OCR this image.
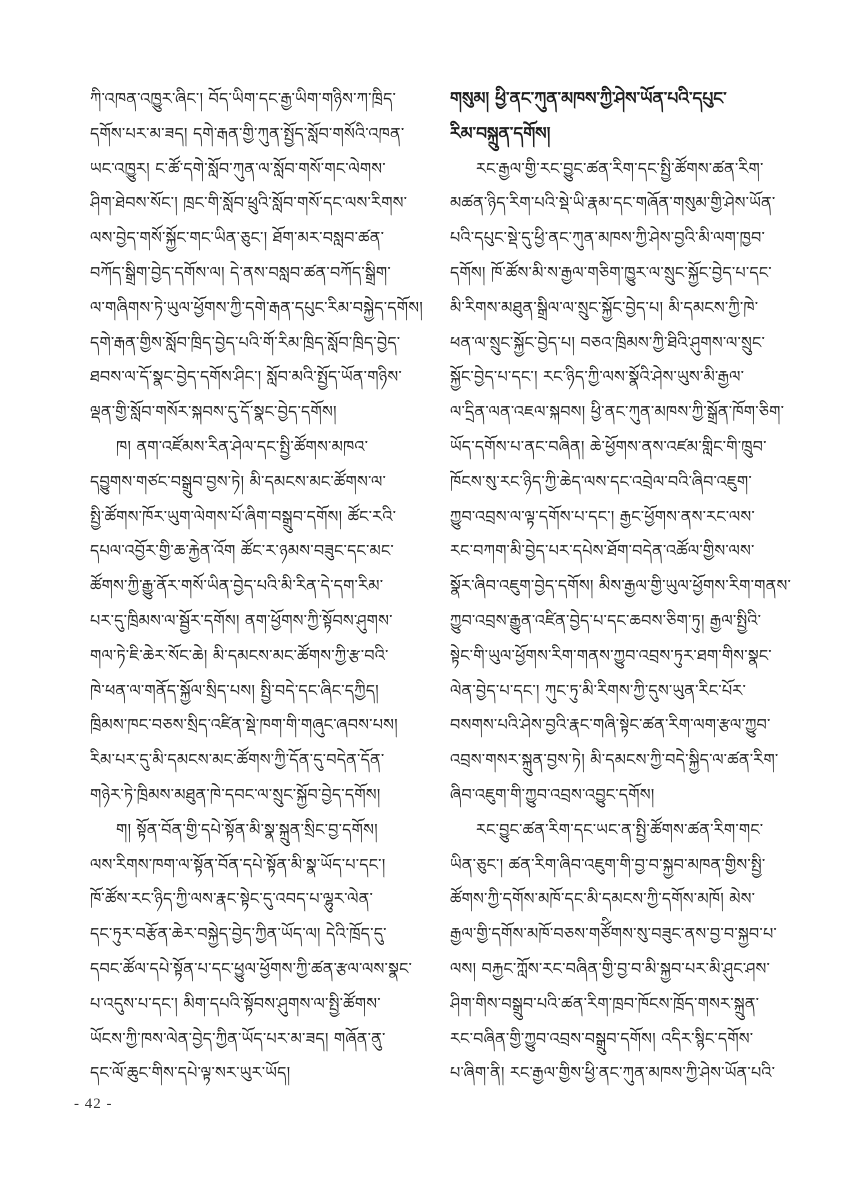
ཀི་འཁན་འཁྱུར་ཞིང་། བོད་ཡིག་དང་རྒྱ་ཡིག་གཉིས་ཀ་ཁྲིད་
དགོས་པར་མ་ཟད། དགེ་རྒན་གྱི་ཀུན་སྤྱོད་སློབ་གསོའི་འཁན་
ཡང་འཁྱུར། ང་ཚོ་དགེ་སློབ་ཀུན་ལ་སློབ་གསོ་གང་ལེགས་
ཤིག་ཐེབས་སོང་། ཁྲང་གི་སློབ་ཕྲུའི་སློབ་གསོ་དང་ལས་རིགས་
ལས་བྱེད་གསོ་སྐྱོང་གང་ཡིན་ཅུང་། ཐོག་མར་བསླབ་ཚན་
བཀོད་སྒྲིག་བྱེད་དགོས་ལ། དེ་ནས་བསླབ་ཚན་བཀོད་སྒྲིག་
ལ་གཞིགས་ཏེ་ཡུལ་ཕྱོགས་ཀྱི་དགེ་རྒན་དཔུང་རིམ་བསྐྱེད་དགོས།
དགེ་རྒན་གྱིས་སློབ་ཁྲིད་བྱེད་པའི་གོ་རིམ་ཁྲིད་སློབ་ཁྲིད་བྱེད་
ཐབས་ལ་དོ་སྣང་བྱེད་དགོས་ཤིང་། སློབ་མའི་སྤྱོད་ཡོན་གཉིས་
ལྡན་གྱི་སློབ་གསོར་སྐབས་དུ་དོ་སྣང་བྱེད་དགོས།
ཁ། ནག་འཛོམས་རིན་ཤེལ་དང་སྤྱི་ཚོགས་མཁའ་
དབྱུགས་གཙང་བསྒྲུབ་བྱས་ཏེ། མི་དམངས་མང་ཚོགས་ལ་
སྤྱི་ཚོགས་ཁོར་ཡུག་ལེགས་པོ་ཞིག་བསྒྲུབ་དགོས། ཚོང་རའི་
དཔལ་འབྱོར་གྱི་ཆ་རྐྱེན་འོག ཚོང་ར་ཉམས་བཟུང་དང་མང་
ཚོགས་ཀྱི་རྒྱུ་ནོར་གསོ་ཡིན་བྱེད་པའི་མི་རིན་དེ་དག་རིམ་
པར་དུ་ཁྲིམས་ལ་སྦྱོར་དགོས། ནག་ཕྱོགས་ཀྱི་སྟོབས་ཤུགས་
གལ་ཏེ་ཇི་ཆེར་སོང་ཆེ། མི་དམངས་མང་ཚོགས་ཀྱི་རྩ་བའི་
ཁེ་ཕན་ལ་གནོད་སྐྱོལ་སྲིད་པས། སྤྱི་བདེ་དང་ཞིང་དཀྱིད།
ཁྲིམས་ཁང་བཅས་སྲིད་འཛིན་སྡེ་ཁག་གི་གཞུང་ཞབས་པས།
རིམ་པར་དུ་མི་དམངས་མང་ཚོགས་ཀྱི་དོན་དུ་བདེན་དོན་
གཉེར་ཏེ་ཁྲིམས་མཐུན་ཁེ་དབང་ལ་སྲུང་སྐྱོབ་བྱེད་དགོས།
ག། སྟོན་བོན་གྱི་དཔེ་སྟོན་མི་སྣ་སྐྲུན་སྲིང་བྱ་དགོས།
ལས་རིགས་ཁག་ལ་སྟོན་བོན་དཔེ་སྟོན་མི་སྣ་ཡོད་པ་དང་།
ཁོ་ཚོས་རང་ཉིད་ཀྱི་ལས་རྣང་སྟེང་དུ་འབད་པ་ལྷུར་ལེན་
དང་ཏུར་བརྩོན་ཆེར་བསྐྱེད་བྱེད་ཀྱིན་ཡོད་ལ། དེའི་ཁྲོད་དུ་
དབང་ཚོལ་དཔེ་སྟོན་པ་དང་ཕྱུལ་ཕྱོགས་ཀྱི་ཚན་རྩལ་ལས་སྣང་
པ་འདུས་པ་དང་། མིག་དཔའི་སྟོབས་ཤུགས་ལ་སྤྱི་ཚོགས་
ཡོངས་ཀྱི་ཁས་ལེན་བྱེད་ཀྱིན་ཡོད་པར་མ་ཟད། གཞོན་ནུ་
དང་ལོ་ཆུང་གིས་དཔེ་ལྟ་སར་ཡུར་ཡོད།
གསུམ། ཕྱི་ནང་ཀུན་མཁས་ཀྱི་ཤེས་ཡོན་པའི་དཔུང་
རིམ་བསྐྲུན་དགོས།
རང་རྒྱལ་གྱི་རང་བྱུང་ཚན་རིག་དང་སྤྱི་ཚོགས་ཚན་རིག་
མཚན་ཉིད་རིག་པའི་སྡེ་ཡི་རྣམ་དང་གཞོན་གསུམ་གྱི་ཤེས་ཡོན་
པའི་དཔུང་སྡེ་དུ་ཕྱི་ནང་ཀུན་མཁས་ཀྱི་ཤེས་བྱའི་མི་ལག་ཁྱབ་
དགོས། ཁོ་ཚོས་མི་ས་རྒྱལ་གཅིག་ཁྱུར་ལ་སྲུང་སྐྱོང་བྱེད་པ་དང་
མི་རིགས་མཐུན་སྒྲིལ་ལ་སྲུང་སྐྱོང་བྱེད་པ། མི་དམངས་ཀྱི་ཁེ་
ཕན་ལ་སྲུང་སྐྱོང་བྱེད་པ། བཅའ་ཁྲིམས་ཀྱི་ཐིའི་ཤུགས་ལ་སྲུང་
སྐྱོང་བྱེད་པ་དང་། རང་ཉིད་ཀྱི་ལས་སྣོའི་ཤེས་ཡུས་མི་རྒྱལ་
ལ་དྲིན་ལན་འཇལ་སྐབས། ཕྱི་ནང་ཀུན་མཁས་ཀྱི་སྒྲོན་ཁོག་ཅིག་
ཡོད་དགོས་པ་ནང་བཞིན། ཆེ་ཕྱོགས་ནས་འཛམ་གླིང་གི་ཁྲུབ་
ཁོངས་སུ་རང་ཉིད་ཀྱི་ཆེད་ལས་དང་འབྲེལ་བའི་ཞིབ་འཇུག་
ཀྱུབ་འབྲས་ལ་ལྟ་དགོས་པ་དང་། རྒྱང་ཕྱོགས་ནས་རང་ལས་
རང་བཀག་མི་བྱེད་པར་དཔེས་ཐོག་བདེན་འཚོལ་གྱིས་ལས་
སྣོར་ཞིབ་འཇུག་བྱེད་དགོས། མིས་རྒྱལ་གྱི་ཡུལ་ཕྱོགས་རིག་གནས་
ཀྱུབ་འབྲས་རྒྱུན་འཛིན་བྱེད་པ་དང་ཆབས་ཅིག་ཏུ། རྒྱལ་སྤྱིའི་
སྟེང་གི་ཡུལ་ཕྱོགས་རིག་གནས་ཀྱུབ་འབྲས་ཏུར་ཐག་གིས་སྣང་
ལེན་བྱེད་པ་དང་། ཀུང་ཏུ་མི་རིགས་ཀྱི་དུས་ཡུན་རིང་པོར་
བསགས་པའི་ཤེས་བྱའི་རྣང་གཞི་སྟེང་ཚན་རིག་ལག་རྩལ་ཀྱུབ་
འབྲས་གསར་སྐྲུན་བྱས་ཏེ། མི་དམངས་ཀྱི་བདེ་སྐྱིད་ལ་ཚན་རིག་
ཞིབ་འཇུག་གི་ཀྱུབ་འབྲས་འབྱུང་དགོས།
རང་བྱུང་ཚན་རིག་དང་ཡང་ན་སྤྱི་ཚོགས་ཚན་རིག་གང་
ཡིན་ཅུང་། ཚན་རིག་ཞིབ་འཇུག་གི་བྱ་བ་སྐྱབ་མཁན་གྱིས་སྤྱི་
ཚོགས་ཀྱི་དགོས་མཁོ་དང་མི་དམངས་ཀྱི་དགོས་མཁོ། མེས་
རྒྱལ་གྱི་དགོས་མཁོ་བཅས་གཙོིགས་སུ་བཟུང་ནས་བྱ་བ་སྐྱབ་པ་
ལས། བརྐྱང་ཀློས་རང་བཞིན་གྱི་བྱ་བ་མི་སྐྱབ་པར་མི་ཤུང་ཤས་
ཤིག་གིས་བསྒྲུབ་པའི་ཚན་རིག་ཁྲབ་ཁོངས་ཁྲོད་གསར་སྐྲུན་
རང་བཞིན་གྱི་ཀྱུབ་འབྲས་བསྒྲུབ་དགོས། འདིར་སྙིང་དགོས་
པ་ཞིག་ནི། རང་རྒྱལ་གྱིས་ཕྱི་ནང་ཀུན་མཁས་ཀྱི་ཤེས་ཡོན་པའི་
- 42 -
